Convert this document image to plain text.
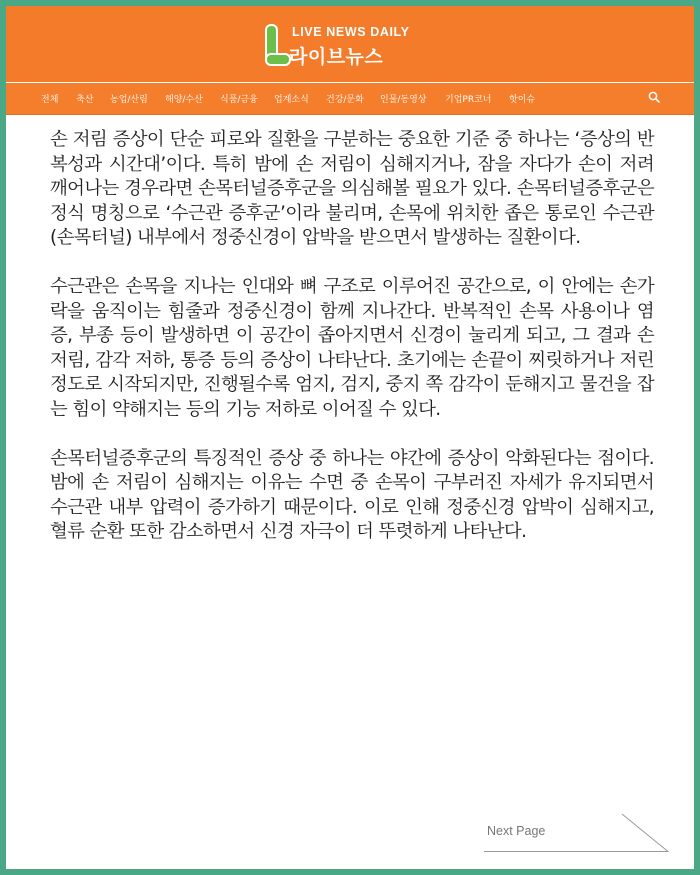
LIVE NEWS DAILY
라이브뉴스
전체 축산 농업/산림 해양/수산 식품/금융 업계소식 건강/문화 인물/동영상 기업PR코너 핫이슈

손 저림 증상이 단순 피로와 질환을 구분하는 중요한 기준 중 하나는 ‘증상의 반복성과 시간대’이다. 특히 밤에 손 저림이 심해지거나, 잠을 자다가 손이 저려 깨어나는 경우라면 손목터널증후군을 의심해볼 필요가 있다. 손목터널증후군은 정식 명칭으로 ‘수근관 증후군’이라 불리며, 손목에 위치한 좁은 통로인 수근관(손목터널) 내부에서 정중신경이 압박을 받으면서 발생하는 질환이다.

수근관은 손목을 지나는 인대와 뼈 구조로 이루어진 공간으로, 이 안에는 손가락을 움직이는 힘줄과 정중신경이 함께 지나간다. 반복적인 손목 사용이나 염증, 부종 등이 발생하면 이 공간이 좁아지면서 신경이 눌리게 되고, 그 결과 손 저림, 감각 저하, 통증 등의 증상이 나타난다. 초기에는 손끝이 찌릿하거나 저린 정도로 시작되지만, 진행될수록 엄지, 검지, 중지 쪽 감각이 둔해지고 물건을 잡는 힘이 약해지는 등의 기능 저하로 이어질 수 있다.

손목터널증후군의 특징적인 증상 중 하나는 야간에 증상이 악화된다는 점이다. 밤에 손 저림이 심해지는 이유는 수면 중 손목이 구부러진 자세가 유지되면서 수근관 내부 압력이 증가하기 때문이다. 이로 인해 정중신경 압박이 심해지고, 혈류 순환 또한 감소하면서 신경 자극이 더 뚜렷하게 나타난다.

Next Page
